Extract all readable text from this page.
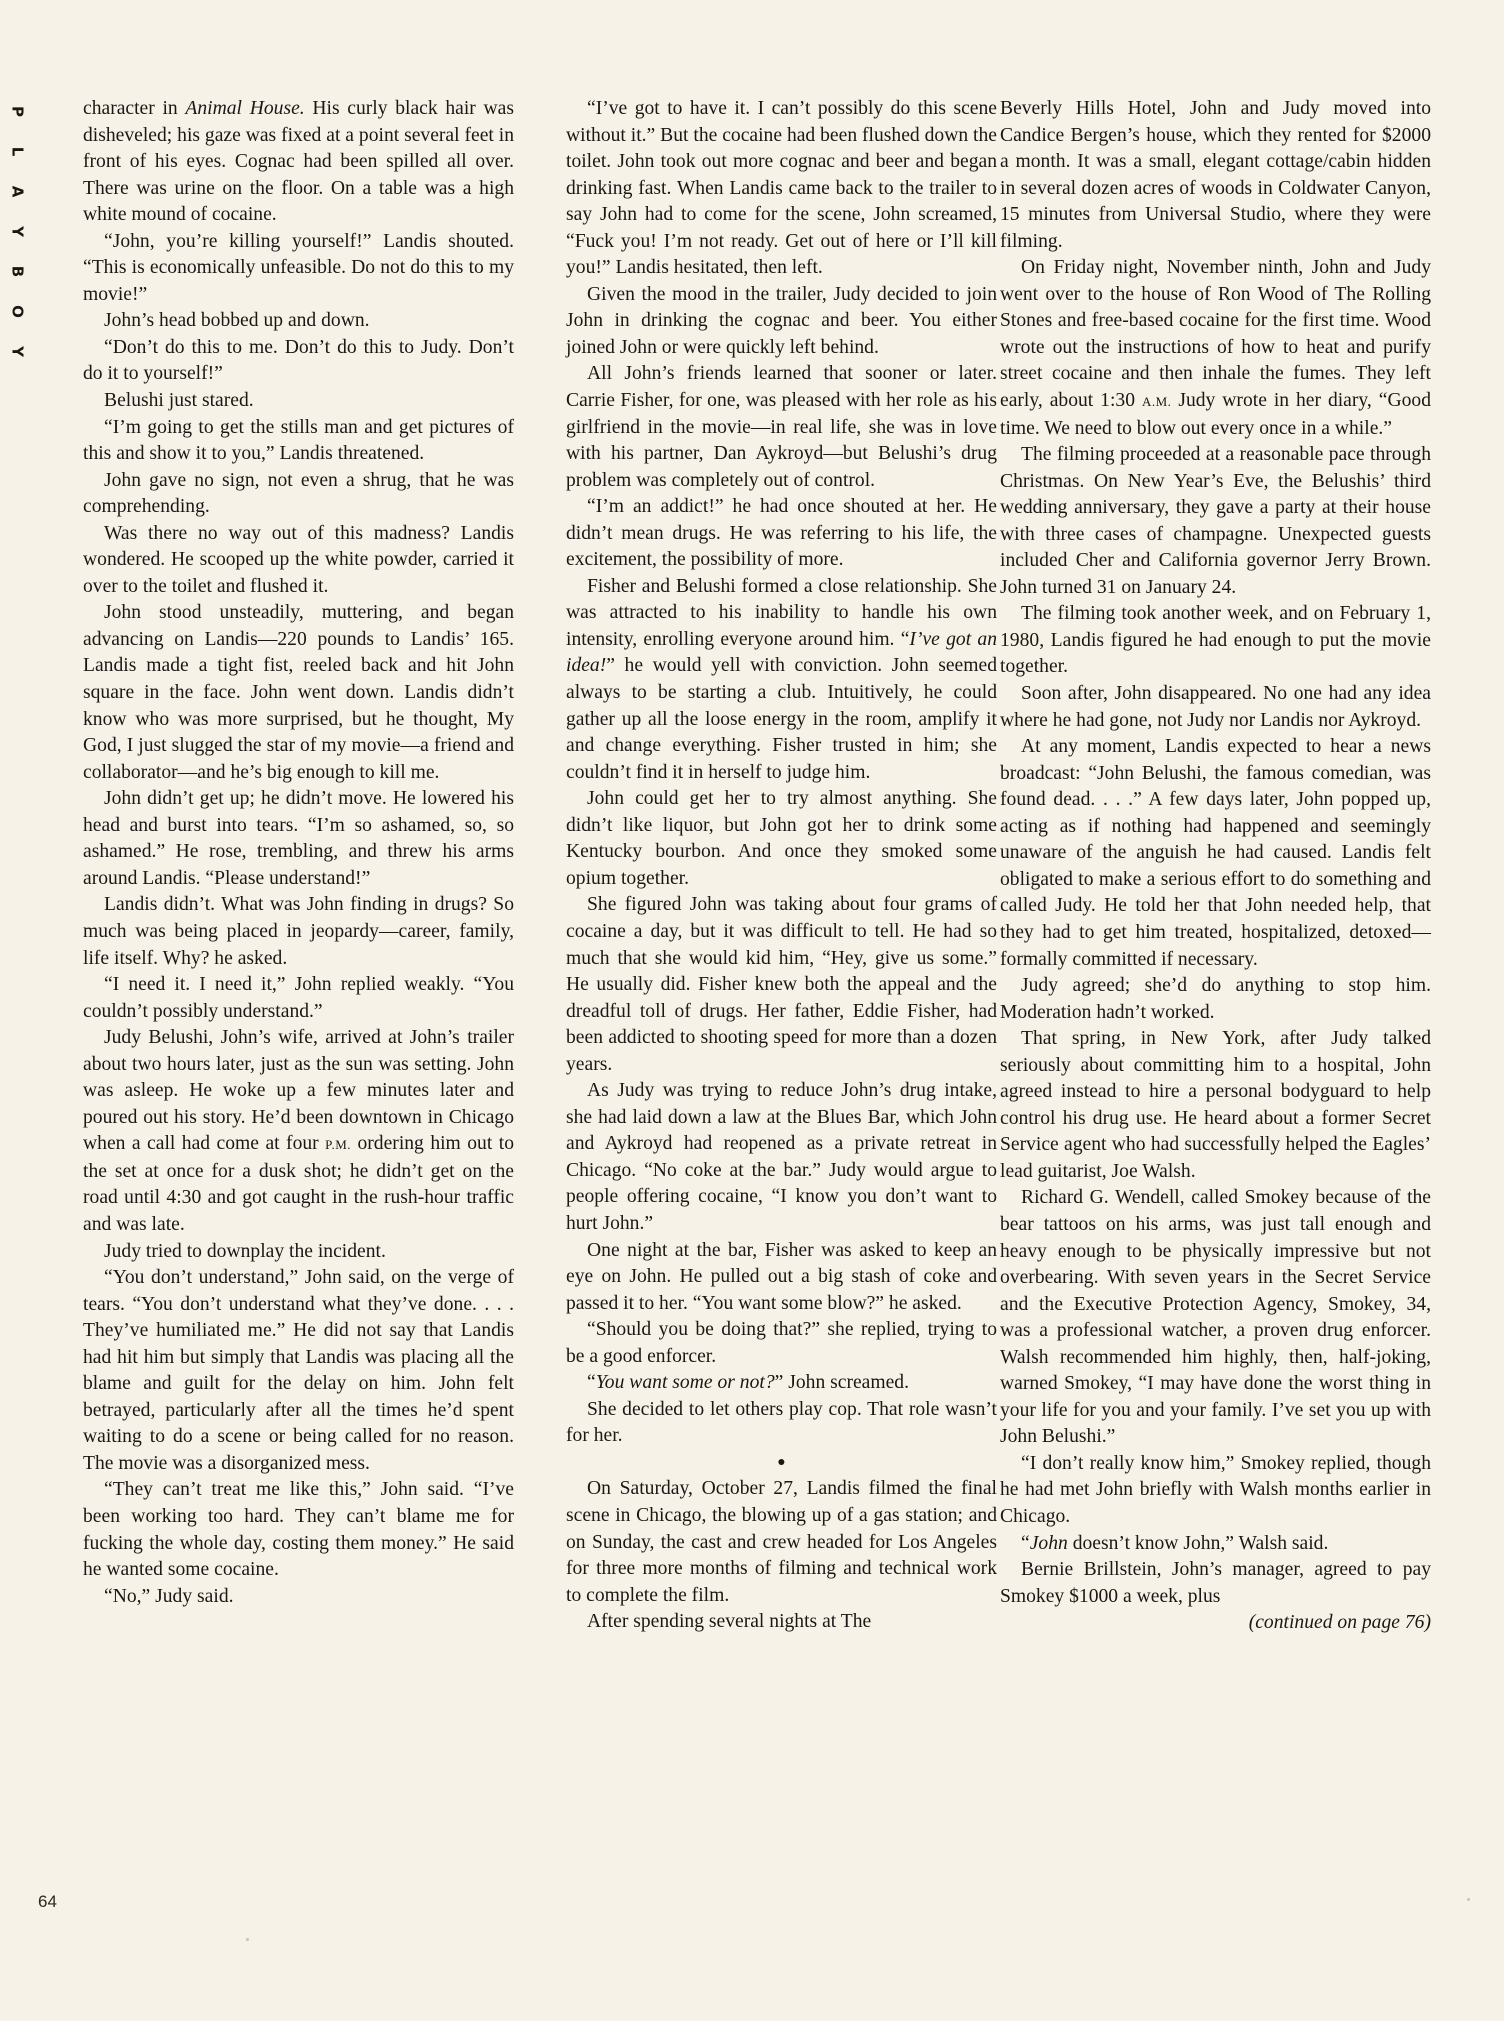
P
L
A
Y
B
O
Y

character in Animal House. His curly black hair was disheveled; his gaze was fixed at a point several feet in front of his eyes. Cognac had been spilled all over. There was urine on the floor. On a table was a high white mound of cocaine.

“John, you’re killing yourself!” Landis shouted. “This is economically unfeasible. Do not do this to my movie!”

John’s head bobbed up and down.

“Don’t do this to me. Don’t do this to Judy. Don’t do it to yourself!”

Belushi just stared.

“I’m going to get the stills man and get pictures of this and show it to you,” Landis threatened.

John gave no sign, not even a shrug, that he was comprehending.

Was there no way out of this madness? Landis wondered. He scooped up the white powder, carried it over to the toilet and flushed it.

John stood unsteadily, muttering, and began advancing on Landis—220 pounds to Landis’ 165. Landis made a tight fist, reeled back and hit John square in the face. John went down. Landis didn’t know who was more surprised, but he thought, My God, I just slugged the star of my movie—a friend and collaborator—and he’s big enough to kill me.

John didn’t get up; he didn’t move. He lowered his head and burst into tears. “I’m so ashamed, so, so ashamed.” He rose, trembling, and threw his arms around Landis. “Please understand!”

Landis didn’t. What was John finding in drugs? So much was being placed in jeopardy—career, family, life itself. Why? he asked.

“I need it. I need it,” John replied weakly. “You couldn’t possibly understand.”

Judy Belushi, John’s wife, arrived at John’s trailer about two hours later, just as the sun was setting. John was asleep. He woke up a few minutes later and poured out his story. He’d been downtown in Chicago when a call had come at four P.M. ordering him out to the set at once for a dusk shot; he didn’t get on the road until 4:30 and got caught in the rush-hour traffic and was late.

Judy tried to downplay the incident.

“You don’t understand,” John said, on the verge of tears. “You don’t understand what they’ve done. . . . They’ve humiliated me.” He did not say that Landis had hit him but simply that Landis was placing all the blame and guilt for the delay on him. John felt betrayed, particularly after all the times he’d spent waiting to do a scene or being called for no reason. The movie was a disorganized mess.

“They can’t treat me like this,” John said. “I’ve been working too hard. They can’t blame me for fucking the whole day, costing them money.” He said he wanted some cocaine.

“No,” Judy said.

“I’ve got to have it. I can’t possibly do this scene without it.” But the cocaine had been flushed down the toilet. John took out more cognac and beer and began drinking fast. When Landis came back to the trailer to say John had to come for the scene, John screamed, “Fuck you! I’m not ready. Get out of here or I’ll kill you!” Landis hesitated, then left.

Given the mood in the trailer, Judy decided to join John in drinking the cognac and beer. You either joined John or were quickly left behind.

All John’s friends learned that sooner or later. Carrie Fisher, for one, was pleased with her role as his girlfriend in the movie—in real life, she was in love with his partner, Dan Aykroyd—but Belushi’s drug problem was completely out of control.

“I’m an addict!” he had once shouted at her. He didn’t mean drugs. He was referring to his life, the excitement, the possibility of more.

Fisher and Belushi formed a close relationship. She was attracted to his inability to handle his own intensity, enrolling everyone around him. “I’ve got an idea!” he would yell with conviction. John seemed always to be starting a club. Intuitively, he could gather up all the loose energy in the room, amplify it and change everything. Fisher trusted in him; she couldn’t find it in herself to judge him.

John could get her to try almost anything. She didn’t like liquor, but John got her to drink some Kentucky bourbon. And once they smoked some opium together.

She figured John was taking about four grams of cocaine a day, but it was difficult to tell. He had so much that she would kid him, “Hey, give us some.” He usually did. Fisher knew both the appeal and the dreadful toll of drugs. Her father, Eddie Fisher, had been addicted to shooting speed for more than a dozen years.

As Judy was trying to reduce John’s drug intake, she had laid down a law at the Blues Bar, which John and Aykroyd had reopened as a private retreat in Chicago. “No coke at the bar.” Judy would argue to people offering cocaine, “I know you don’t want to hurt John.”

One night at the bar, Fisher was asked to keep an eye on John. He pulled out a big stash of coke and passed it to her. “You want some blow?” he asked.

“Should you be doing that?” she replied, trying to be a good enforcer.

“You want some or not?” John screamed.

She decided to let others play cop. That role wasn’t for her.

●

On Saturday, October 27, Landis filmed the final scene in Chicago, the blowing up of a gas station; and on Sunday, the cast and crew headed for Los Angeles for three more months of filming and technical work to complete the film.

After spending several nights at The

Beverly Hills Hotel, John and Judy moved into Candice Bergen’s house, which they rented for $2000 a month. It was a small, elegant cottage/cabin hidden in several dozen acres of woods in Coldwater Canyon, 15 minutes from Universal Studio, where they were filming.

On Friday night, November ninth, John and Judy went over to the house of Ron Wood of The Rolling Stones and free-based cocaine for the first time. Wood wrote out the instructions of how to heat and purify street cocaine and then inhale the fumes. They left early, about 1:30 A.M. Judy wrote in her diary, “Good time. We need to blow out every once in a while.”

The filming proceeded at a reasonable pace through Christmas. On New Year’s Eve, the Belushis’ third wedding anniversary, they gave a party at their house with three cases of champagne. Unexpected guests included Cher and California governor Jerry Brown. John turned 31 on January 24.

The filming took another week, and on February 1, 1980, Landis figured he had enough to put the movie together.

Soon after, John disappeared. No one had any idea where he had gone, not Judy nor Landis nor Aykroyd.

At any moment, Landis expected to hear a news broadcast: “John Belushi, the famous comedian, was found dead. . . .” A few days later, John popped up, acting as if nothing had happened and seemingly unaware of the anguish he had caused. Landis felt obligated to make a serious effort to do something and called Judy. He told her that John needed help, that they had to get him treated, hospitalized, detoxed—formally committed if necessary.

Judy agreed; she’d do anything to stop him. Moderation hadn’t worked.

That spring, in New York, after Judy talked seriously about committing him to a hospital, John agreed instead to hire a personal bodyguard to help control his drug use. He heard about a former Secret Service agent who had successfully helped the Eagles’ lead guitarist, Joe Walsh.

Richard G. Wendell, called Smokey because of the bear tattoos on his arms, was just tall enough and heavy enough to be physically impressive but not overbearing. With seven years in the Secret Service and the Executive Protection Agency, Smokey, 34, was a professional watcher, a proven drug enforcer. Walsh recommended him highly, then, half-joking, warned Smokey, “I may have done the worst thing in your life for you and your family. I’ve set you up with John Belushi.”

“I don’t really know him,” Smokey replied, though he had met John briefly with Walsh months earlier in Chicago.

“John doesn’t know John,” Walsh said.

Bernie Brillstein, John’s manager, agreed to pay Smokey $1000 a week, plus

(continued on page 76)

64
